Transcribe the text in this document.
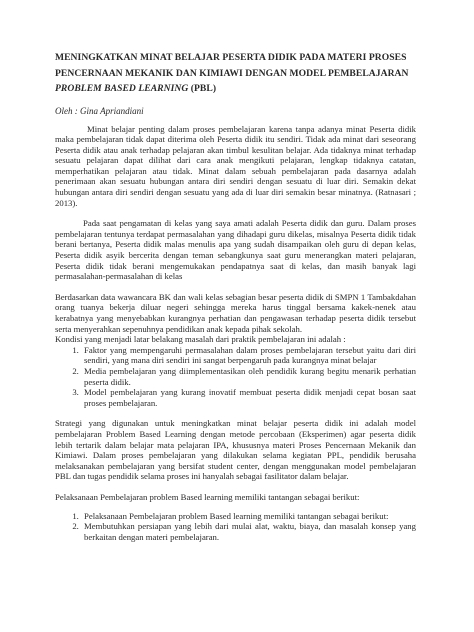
MENINGKATKAN MINAT BELAJAR PESERTA DIDIK PADA MATERI PROSES
PENCERNAAN MEKANIK DAN KIMIAWI DENGAN MODEL PEMBELAJARAN
PROBLEM BASED LEARNING (PBL)
Oleh : Gina Apriandiani

Minat belajar penting dalam proses pembelajaran karena tanpa adanya minat Peserta didik maka pembelajaran tidak dapat diterima oleh Peserta didik itu sendiri. Tidak ada minat dari seseorang Peserta didik atau anak terhadap pelajaran akan timbul kesulitan belajar. Ada tidaknya minat terhadap sesuatu pelajaran dapat dilihat dari cara anak mengikuti pelajaran, lengkap tidaknya catatan, memperhatikan pelajaran atau tidak. Minat dalam sebuah pembelajaran pada dasarnya adalah penerimaan akan sesuatu hubungan antara diri sendiri dengan sesuatu di luar diri. Semakin dekat hubungan antara diri sendiri dengan sesuatu yang ada di luar diri semakin besar minatnya. (Ratnasari ; 2013).

Pada saat pengamatan di kelas yang saya amati adalah Peserta didik dan guru. Dalam proses pembelajaran tentunya terdapat permasalahan yang dihadapi guru dikelas, misalnya Peserta didik tidak berani bertanya, Peserta didik malas menulis apa yang sudah disampaikan oleh guru di depan kelas, Peserta didik asyik bercerita dengan teman sebangkunya saat guru menerangkan materi pelajaran, Peserta didik tidak berani mengemukakan pendapatnya saat di kelas, dan masih banyak lagi permasalahan-permasalahan di kelas

Berdasarkan data wawancara BK dan wali kelas sebagian besar peserta didik di SMPN 1 Tambakdahan orang tuanya bekerja diluar negeri sehingga mereka harus tinggal bersama kakek-nenek atau kerabatnya yang menyebabkan kurangnya perhatian dan pengawasan terhadap peserta didik tersebut serta menyerahkan sepenuhnya pendidikan anak kepada pihak sekolah.

Kondisi yang menjadi latar belakang masalah dari praktik pembelajaran ini adalah :

1. Faktor yang mempengaruhi permasalahan dalam proses pembelajaran tersebut yaitu dari diri sendiri, yang mana diri sendiri ini sangat berpengaruh pada kurangnya minat belajar
2. Media pembelajaran yang diimplementasikan oleh pendidik kurang begitu menarik perhatian peserta didik.
3. Model pembelajaran yang kurang inovatif membuat peserta didik menjadi cepat bosan saat proses pembelajaran.

Strategi yang digunakan untuk meningkatkan minat belajar peserta didik ini adalah model pembelajaran Problem Based Learning dengan metode percobaan (Eksperimen) agar peserta didik lebih tertarik dalam belajar mata pelajaran IPA, khususnya materi Proses Pencernaan Mekanik dan Kimiawi. Dalam proses pembelajaran yang dilakukan selama kegiatan PPL, pendidik berusaha melaksanakan pembelajaran yang bersifat student center, dengan menggunakan model pembelajaran PBL dan tugas pendidik selama proses ini hanyalah sebagai fasilitator dalam belajar.

Pelaksanaan Pembelajaran problem Based learning memiliki tantangan sebagai berikut:

1. Pelaksanaan Pembelajaran problem Based learning memiliki tantangan sebagai berikut:
2. Membutuhkan persiapan yang lebih dari mulai alat, waktu, biaya, dan masalah konsep yang berkaitan dengan materi pembelajaran.
